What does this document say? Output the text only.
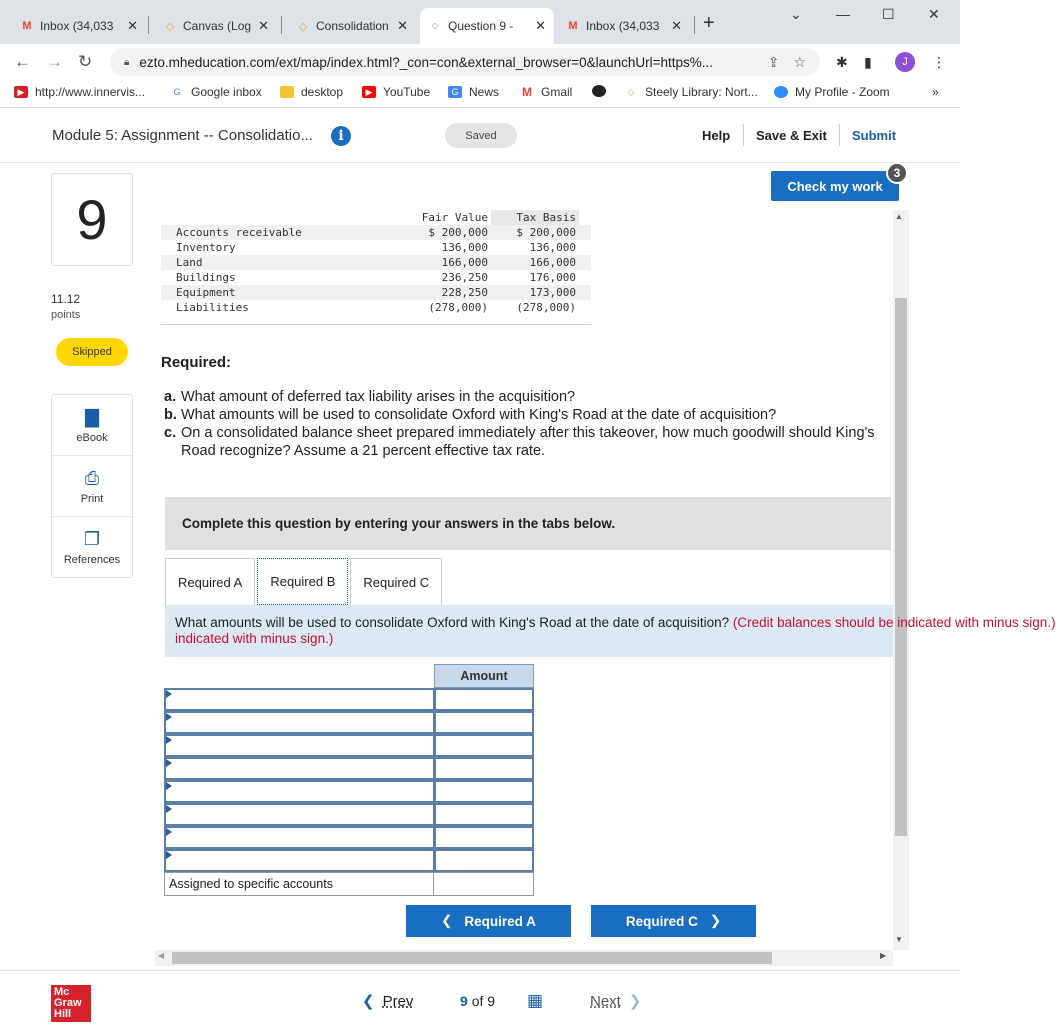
M Inbox (34,033	✕	◇ Canvas (Log ✕	◇ Consolidation ✕	◌ Question 9 -	✕ M Inbox (34,033 ✕ +	⌄ — ☐ ✕
← → ↻	🔒︎ ezto.mheducation.com/ext/map/index.html?_con=con&external_browser=0&launchUrl=https%...	⇪ ☆ ✱ ▮	J	⋮
▶ http://www.innervis...	G Google inbox	desktop	▶ YouTube	G News M Gmail	◇ Steely Library: Nort...	My Profile - Zoom	»
Module 5: Assignment -- Consolidatio...	i	Saved	Help Save & Exit Submit
9
11.12
points
Skipped
▇
eBook
⎙
Print
❐
References
Check my work
3
▲
▼
◀	▶
Fair Value	Tax Basis
Accounts receivable	$ 200,000	$ 200,000
Inventory	136,000	136,000
Land	166,000	166,000
Buildings	236,250	176,000
Equipment	228,250	173,000
Liabilities	(278,000)	(278,000)
Required:
a. What amount of deferred tax liability arises in the acquisition?
b. What amounts will be used to consolidate Oxford with King's Road at the date of acquisition?
c. On a consolidated balance sheet prepared immediately after this takeover, how much goodwill should King's Road recognize? Assume a 21 percent effective tax rate.
Complete this question by entering your answers in the tabs below.
Required A	Required B	Required C
What amounts will be used to consolidate Oxford with King's Road at the date of acquisition? (Credit balances should be indicated with minus sign.)
indicated with minus sign.)
Amount
Assigned to specific accounts
❮ Required A	Required C ❯
Mc
Graw
Hill
❮ Prev	9 of 9 ▦	Next ❯
